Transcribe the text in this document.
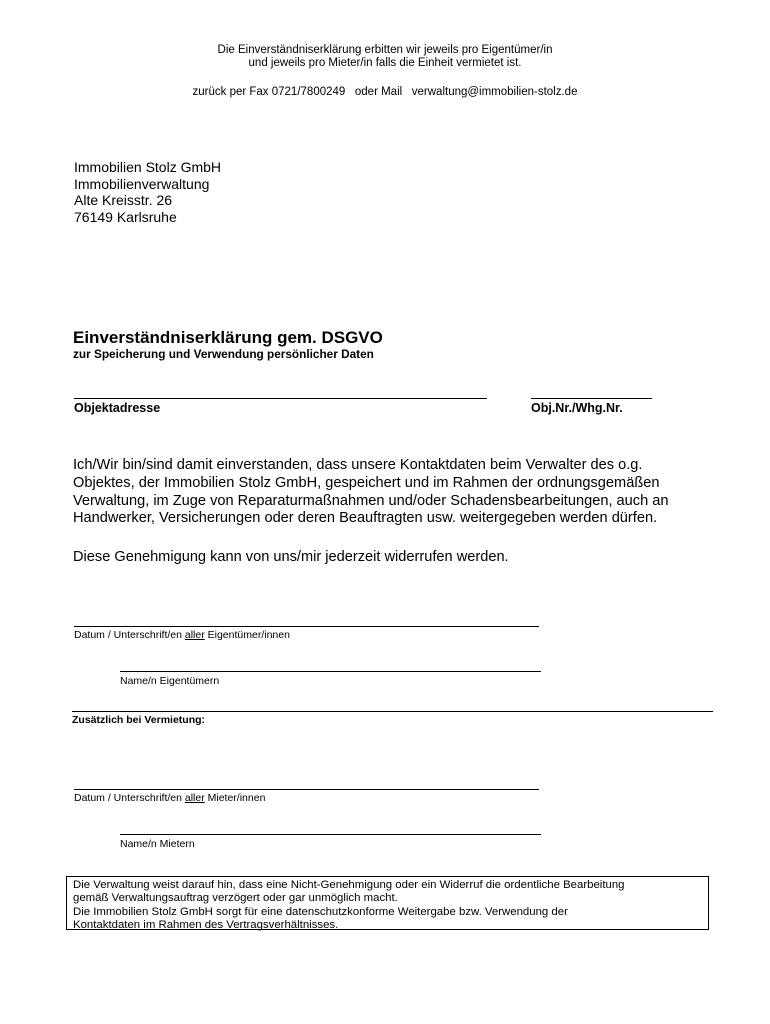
Die Einverständniserklärung erbitten wir jeweils pro Eigentümer/in
und jeweils pro Mieter/in falls die Einheit vermietet ist.
zurück per Fax 0721/7800249   oder Mail   verwaltung@immobilien-stolz.de
Immobilien Stolz GmbH
Immobilienverwaltung
Alte Kreisstr. 26
76149 Karlsruhe
Einverständniserklärung gem. DSGVO
zur Speicherung und Verwendung persönlicher Daten
Objektadresse	Obj.Nr./Whg.Nr.
Ich/Wir bin/sind damit einverstanden, dass unsere Kontaktdaten beim Verwalter des o.g.
Objektes, der Immobilien Stolz GmbH, gespeichert und im Rahmen der ordnungsgemäßen
Verwaltung, im Zuge von Reparaturmaßnahmen und/oder Schadensbearbeitungen, auch an
Handwerker, Versicherungen oder deren Beauftragten usw. weitergegeben werden dürfen.
Diese Genehmigung kann von uns/mir jederzeit widerrufen werden.
Datum / Unterschrift/en aller Eigentümer/innen
Name/n Eigentümern
Zusätzlich bei Vermietung:
Datum / Unterschrift/en aller Mieter/innen
Name/n Mietern
Die Verwaltung weist darauf hin, dass eine Nicht-Genehmigung oder ein Widerruf die ordentliche Bearbeitung
gemäß Verwaltungsauftrag verzögert oder gar unmöglich macht.
Die Immobilien Stolz GmbH sorgt für eine datenschutzkonforme Weitergabe bzw. Verwendung der
Kontaktdaten im Rahmen des Vertragsverhältnisses.
